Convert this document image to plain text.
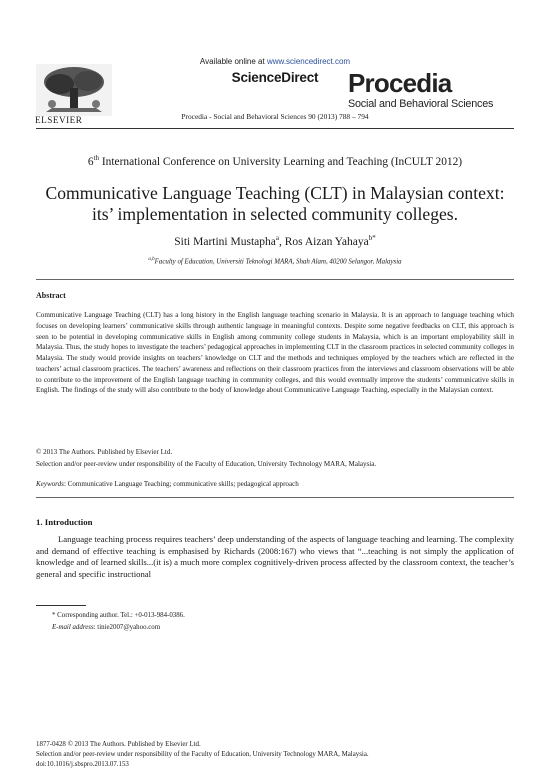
Available online at www.sciencedirect.com
ScienceDirect
ELSEVIER	Procedia - Social and Behavioral Sciences 90 (2013) 788 – 794
Procedia
Social and Behavioral Sciences
6th International Conference on University Learning and Teaching (InCULT 2012)
Communicative Language Teaching (CLT) in Malaysian context:
its’ implementation in selected community colleges.
Siti Martini Mustapha$^a$, Ros Aizan Yahaya$^{b*}$
$^{a,b}$Faculty of Education, Universiti Teknologi MARA, Shah Alam, 40200 Selangor, Malaysia
Abstract
Communicative Language Teaching (CLT) has a long history in the English language teaching scenario in Malaysia. It is an approach to language teaching which focuses on developing learners’ communicative skills through authentic language in meaningful contexts. Despite some negative feedbacks on CLT, this approach is seen to be potential in developing communicative skills in English among community college students in Malaysia, which is an important employability skill in Malaysia. Thus, the study hopes to investigate the teachers’ pedagogical approaches in implementing CLT in the classroom practices in selected community colleges in Malaysia. The study would provide insights on teachers’ knowledge on CLT and the methods and techniques employed by the teachers which are reflected in the teachers’ actual classroom practices. The teachers’ awareness and reflections on their classroom practices from the interviews and classroom observations will be able to contribute to the improvement of the English language teaching in community colleges, and this would eventually improve the students’ communicative skills in English. The findings of the study will also contribute to the body of knowledge about Communicative Language Teaching, especially in the Malaysian context.
© 2013 The Authors. Published by Elsevier Ltd.
Selection and/or peer-review under responsibility of the Faculty of Education, University Technology MARA, Malaysia.
Keywords: Communicative Language Teaching; communicative skills; pedagogical approach
1. Introduction
Language teaching process requires teachers’ deep understanding of the aspects of language teaching and learning. The complexity and demand of effective teaching is emphasised by Richards (2008:167) who views that “...teaching is not simply the application of knowledge and of learned skills...(it is) a much more complex cognitively-driven process affected by the classroom context, the teacher’s general and specific instructional
* Corresponding author. Tel.: +0-013-984-0386.
E-mail address: tinie2007@yahoo.com
1877-0428 © 2013 The Authors. Published by Elsevier Ltd.
Selection and/or peer-review under responsibility of the Faculty of Education, University Technology MARA, Malaysia.
doi:10.1016/j.sbspro.2013.07.153
